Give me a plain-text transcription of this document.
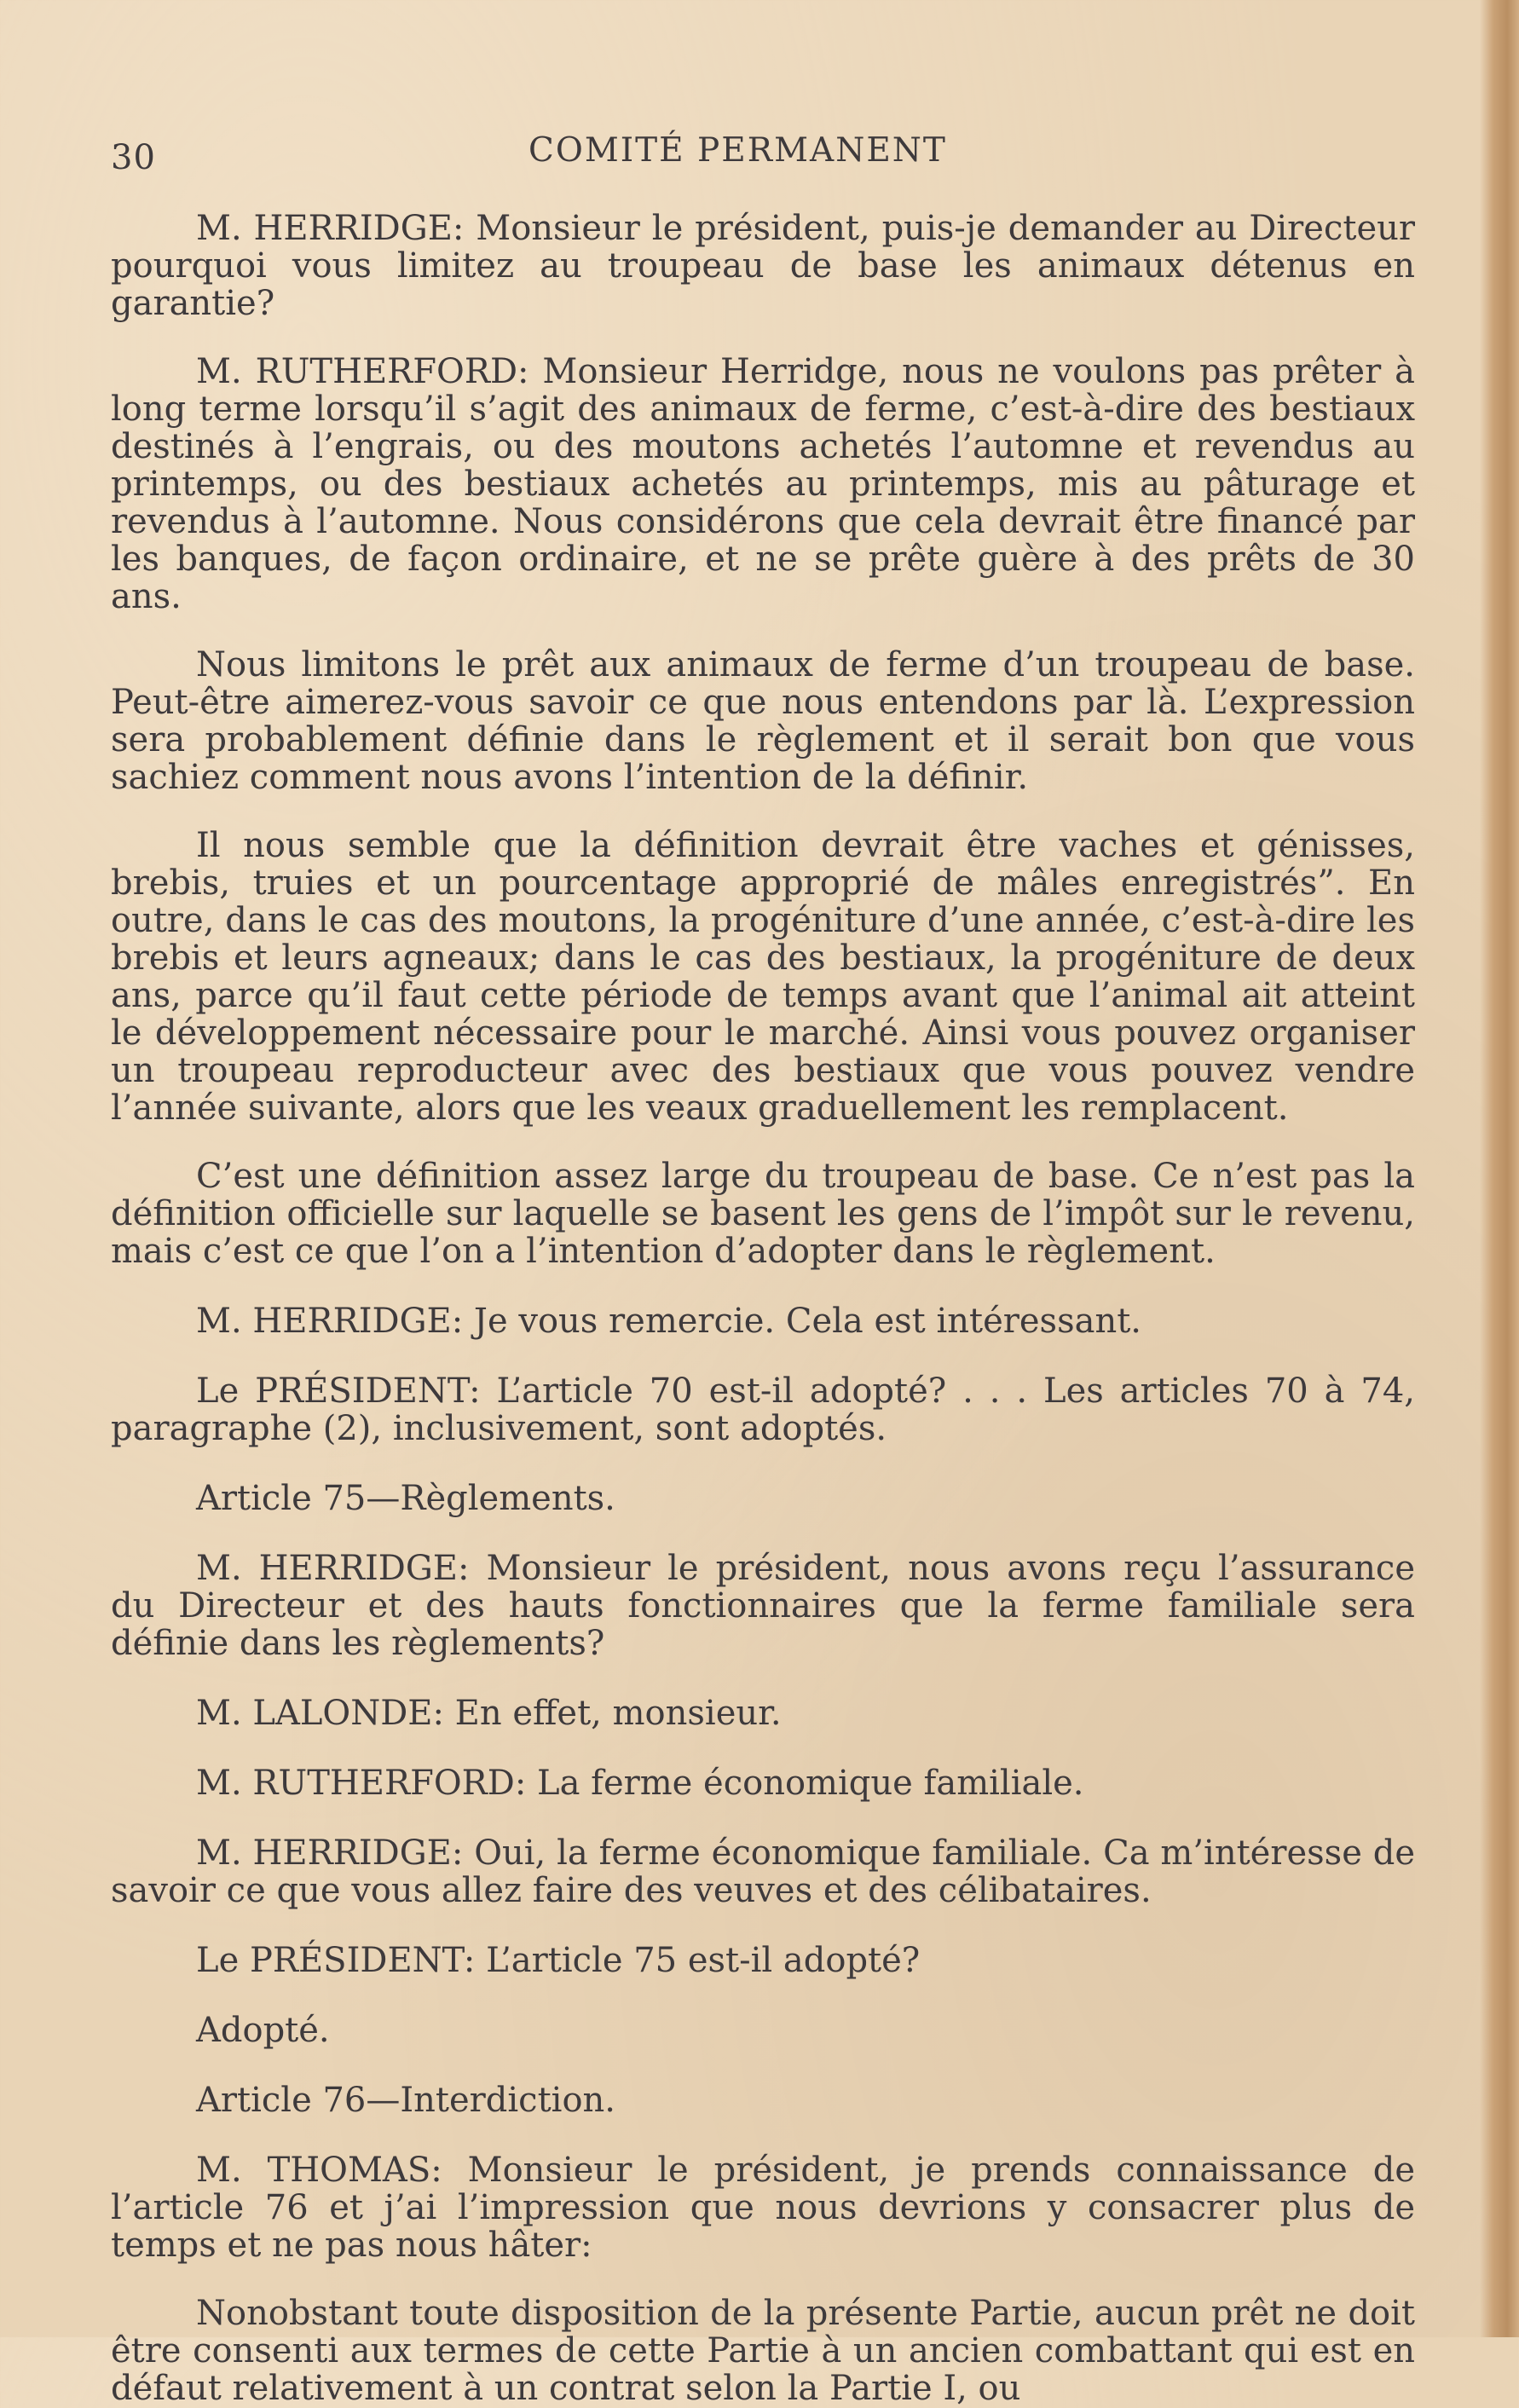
30	COMITÉ PERMANENT

M. HERRIDGE: Monsieur le président, puis-je demander au Directeur pourquoi vous limitez au troupeau de base les animaux détenus en garantie?

M. RUTHERFORD: Monsieur Herridge, nous ne voulons pas prêter à long terme lorsqu’il s’agit des animaux de ferme, c’est-à-dire des bestiaux destinés à l’engrais, ou des moutons achetés l’automne et revendus au printemps, ou des bestiaux achetés au printemps, mis au pâturage et revendus à l’automne. Nous considérons que cela devrait être financé par les banques, de façon ordinaire, et ne se prête guère à des prêts de 30 ans.

Nous limitons le prêt aux animaux de ferme d’un troupeau de base. Peut-être aimerez-vous savoir ce que nous entendons par là. L’expression sera probablement définie dans le règlement et il serait bon que vous sachiez comment nous avons l’intention de la définir.

Il nous semble que la définition devrait être vaches et génisses, brebis, truies et un pourcentage approprié de mâles enregistrés”. En outre, dans le cas des moutons, la progéniture d’une année, c’est-à-dire les brebis et leurs agneaux; dans le cas des bestiaux, la progéniture de deux ans, parce qu’il faut cette période de temps avant que l’animal ait atteint le développement nécessaire pour le marché. Ainsi vous pouvez organiser un troupeau reproducteur avec des bestiaux que vous pouvez vendre l’année suivante, alors que les veaux graduellement les remplacent.

C’est une définition assez large du troupeau de base. Ce n’est pas la définition officielle sur laquelle se basent les gens de l’impôt sur le revenu, mais c’est ce que l’on a l’intention d’adopter dans le règlement.

M. HERRIDGE: Je vous remercie. Cela est intéressant.

Le PRÉSIDENT: L’article 70 est-il adopté? . . . Les articles 70 à 74, paragraphe (2), inclusivement, sont adoptés.

Article 75—Règlements.

M. HERRIDGE: Monsieur le président, nous avons reçu l’assurance du Directeur et des hauts fonctionnaires que la ferme familiale sera définie dans les règlements?

M. LALONDE: En effet, monsieur.

M. RUTHERFORD: La ferme économique familiale.

M. HERRIDGE: Oui, la ferme économique familiale. Ca m’intéresse de savoir ce que vous allez faire des veuves et des célibataires.

Le PRÉSIDENT: L’article 75 est-il adopté?

Adopté.

Article 76—Interdiction.

M. THOMAS: Monsieur le président, je prends connaissance de l’article 76 et j’ai l’impression que nous devrions y consacrer plus de temps et ne pas nous hâter:

Nonobstant toute disposition de la présente Partie, aucun prêt ne doit être consenti aux termes de cette Partie à un ancien combattant qui est en défaut relativement à un contrat selon la Partie I, ou
